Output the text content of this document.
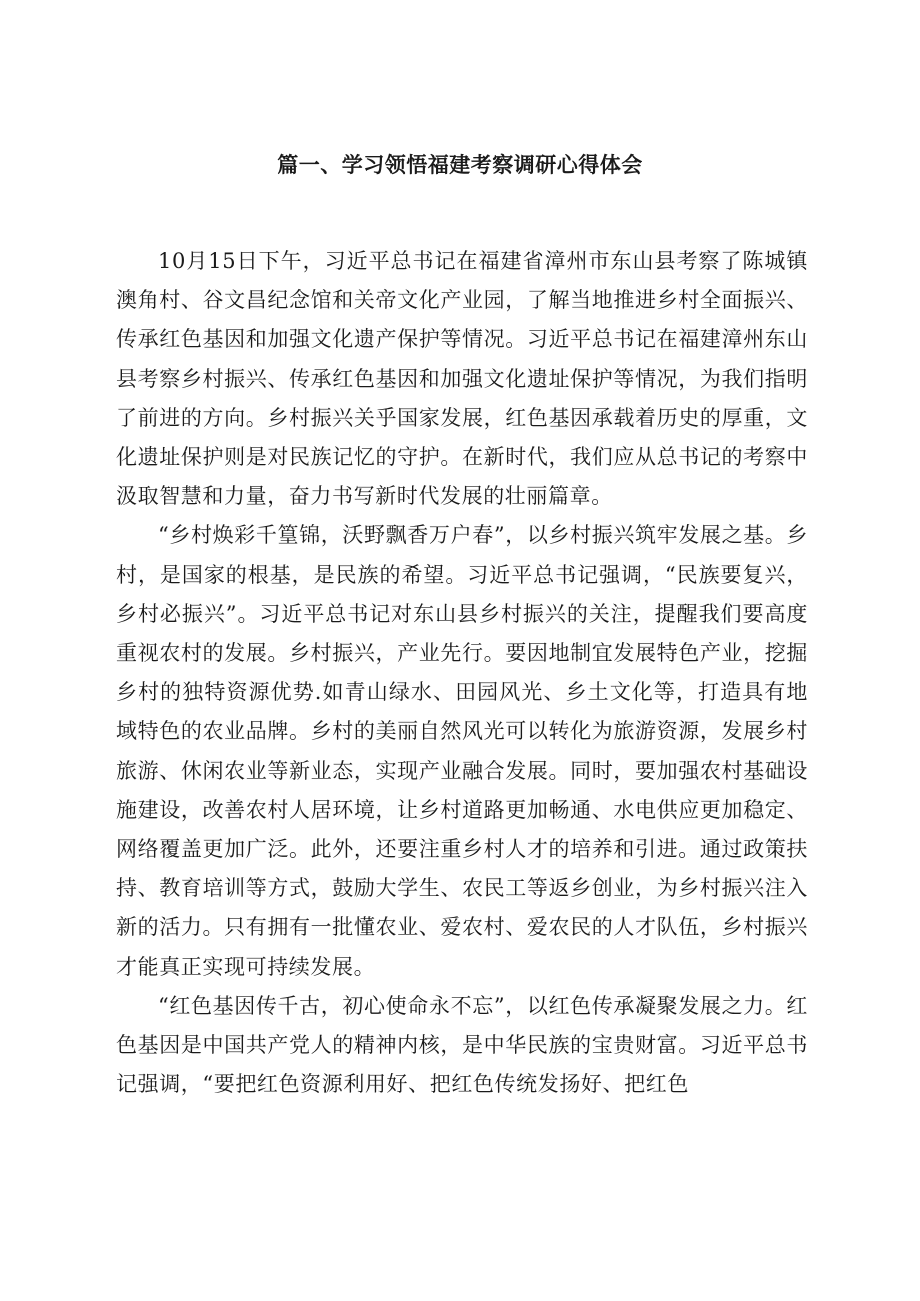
篇一、学习领悟福建考察调研心得体会

10月15日下午，习近平总书记在福建省漳州市东山县考察了陈城镇澳角村、谷文昌纪念馆和关帝文化产业园，了解当地推进乡村全面振兴、传承红色基因和加强文化遗产保护等情况。习近平总书记在福建漳州东山县考察乡村振兴、传承红色基因和加强文化遗址保护等情况，为我们指明了前进的方向。乡村振兴关乎国家发展，红色基因承载着历史的厚重，文化遗址保护则是对民族记忆的守护。在新时代，我们应从总书记的考察中汲取智慧和力量，奋力书写新时代发展的壮丽篇章。

“乡村焕彩千篁锦，沃野飘香万户春”，以乡村振兴筑牢发展之基。乡村，是国家的根基，是民族的希望。习近平总书记强调，“民族要复兴，乡村必振兴”。习近平总书记对东山县乡村振兴的关注，提醒我们要高度重视农村的发展。乡村振兴，产业先行。要因地制宜发展特色产业，挖掘乡村的独特资源优势.如青山绿水、田园风光、乡土文化等，打造具有地域特色的农业品牌。乡村的美丽自然风光可以转化为旅游资源，发展乡村旅游、休闲农业等新业态，实现产业融合发展。同时，要加强农村基础设施建设，改善农村人居环境，让乡村道路更加畅通、水电供应更加稳定、网络覆盖更加广泛。此外，还要注重乡村人才的培养和引进。通过政策扶持、教育培训等方式，鼓励大学生、农民工等返乡创业，为乡村振兴注入新的活力。只有拥有一批懂农业、爱农村、爱农民的人才队伍，乡村振兴才能真正实现可持续发展。

“红色基因传千古，初心使命永不忘”，以红色传承凝聚发展之力。红色基因是中国共产党人的精神内核，是中华民族的宝贵财富。习近平总书记强调，“要把红色资源利用好、把红色传统发扬好、把红色
